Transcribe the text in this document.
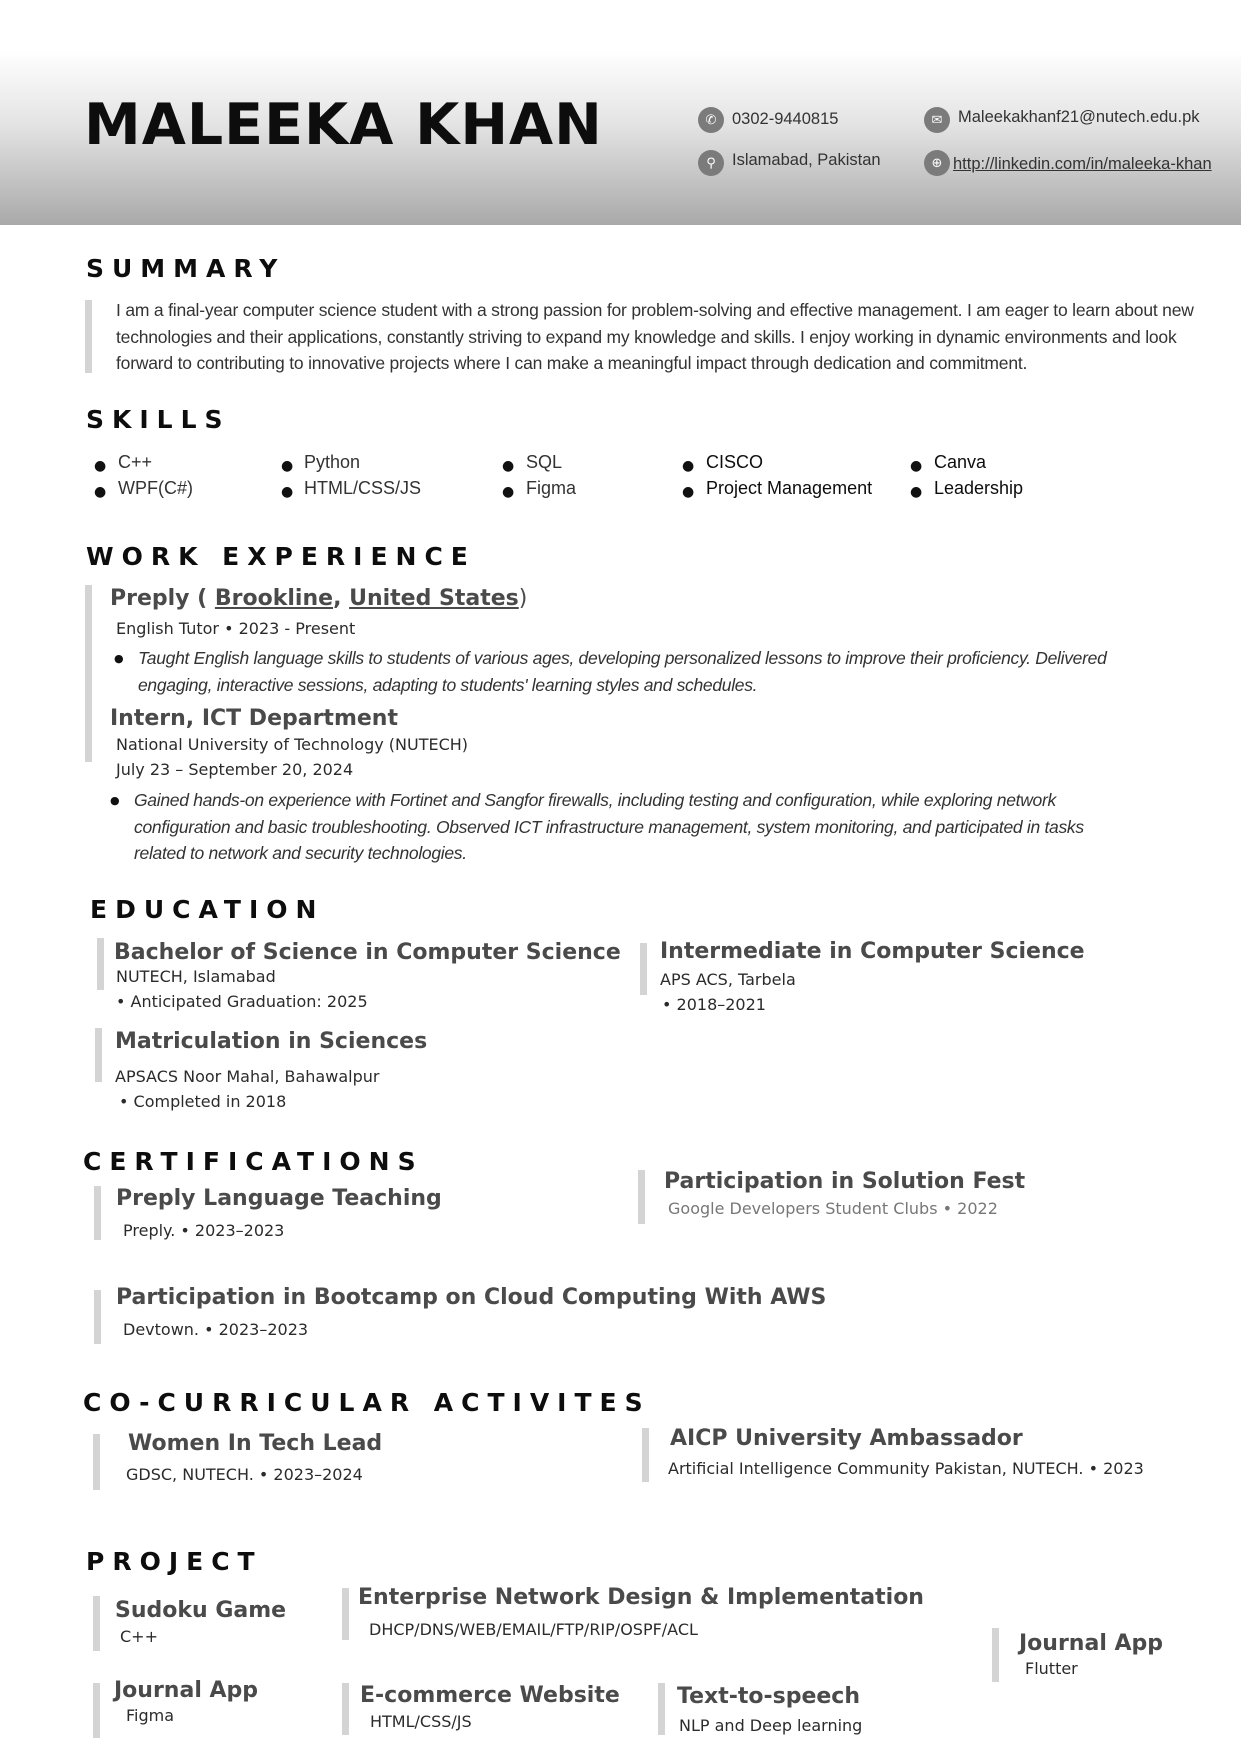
MALEEKA KHAN	✆ 0302-9440815
⚲ Islamabad, Pakistan
✉ Maleekakhanf21@nutech.edu.pk
⊕ http://linkedin.com/in/maleeka-khan
SUMMARY
I am a final-year computer science student with a strong passion for problem-solving and effective management. I am eager to learn about new technologies and their applications, constantly striving to expand my knowledge and skills. I enjoy working in dynamic environments and look forward to contributing to innovative projects where I can make a meaningful impact through dedication and commitment.
SKILLS
● C++
● WPF(C#)
● Python
● HTML/CSS/JS
● SQL
● Figma
● CISCO
● Project Management
● Canva
● Leadership
WORK EXPERIENCE
Preply ( Brookline, United States)
English Tutor • 2023 - Present
● Taught English language skills to students of various ages, developing personalized lessons to improve their proficiency. Delivered engaging, interactive sessions, adapting to students' learning styles and schedules.
Intern, ICT Department
National University of Technology (NUTECH)
July 23 – September 20, 2024
● Gained hands-on experience with Fortinet and Sangfor firewalls, including testing and configuration, while exploring network configuration and basic troubleshooting. Observed ICT infrastructure management, system monitoring, and participated in tasks related to network and security technologies.
EDUCATION
Bachelor of Science in Computer Science
NUTECH, Islamabad
• Anticipated Graduation: 2025
Intermediate in Computer Science
APS ACS, Tarbela
• 2018–2021
Matriculation in Sciences
APSACS Noor Mahal, Bahawalpur
• Completed in 2018
CERTIFICATIONS
Preply Language Teaching
Preply. • 2023–2023
Participation in Solution Fest
Google Developers Student Clubs • 2022
Participation in Bootcamp on Cloud Computing With AWS
Devtown. • 2023–2023
CO-CURRICULAR ACTIVITES
Women In Tech Lead
GDSC, NUTECH. • 2023–2024
AICP University Ambassador
Artificial Intelligence Community Pakistan, NUTECH. • 2023
PROJECT
Sudoku Game
C++
Enterprise Network Design & Implementation
DHCP/DNS/WEB/EMAIL/FTP/RIP/OSPF/ACL
Journal App
Flutter
Journal App
Figma
E-commerce Website
HTML/CSS/JS
Text-to-speech
NLP and Deep learning
